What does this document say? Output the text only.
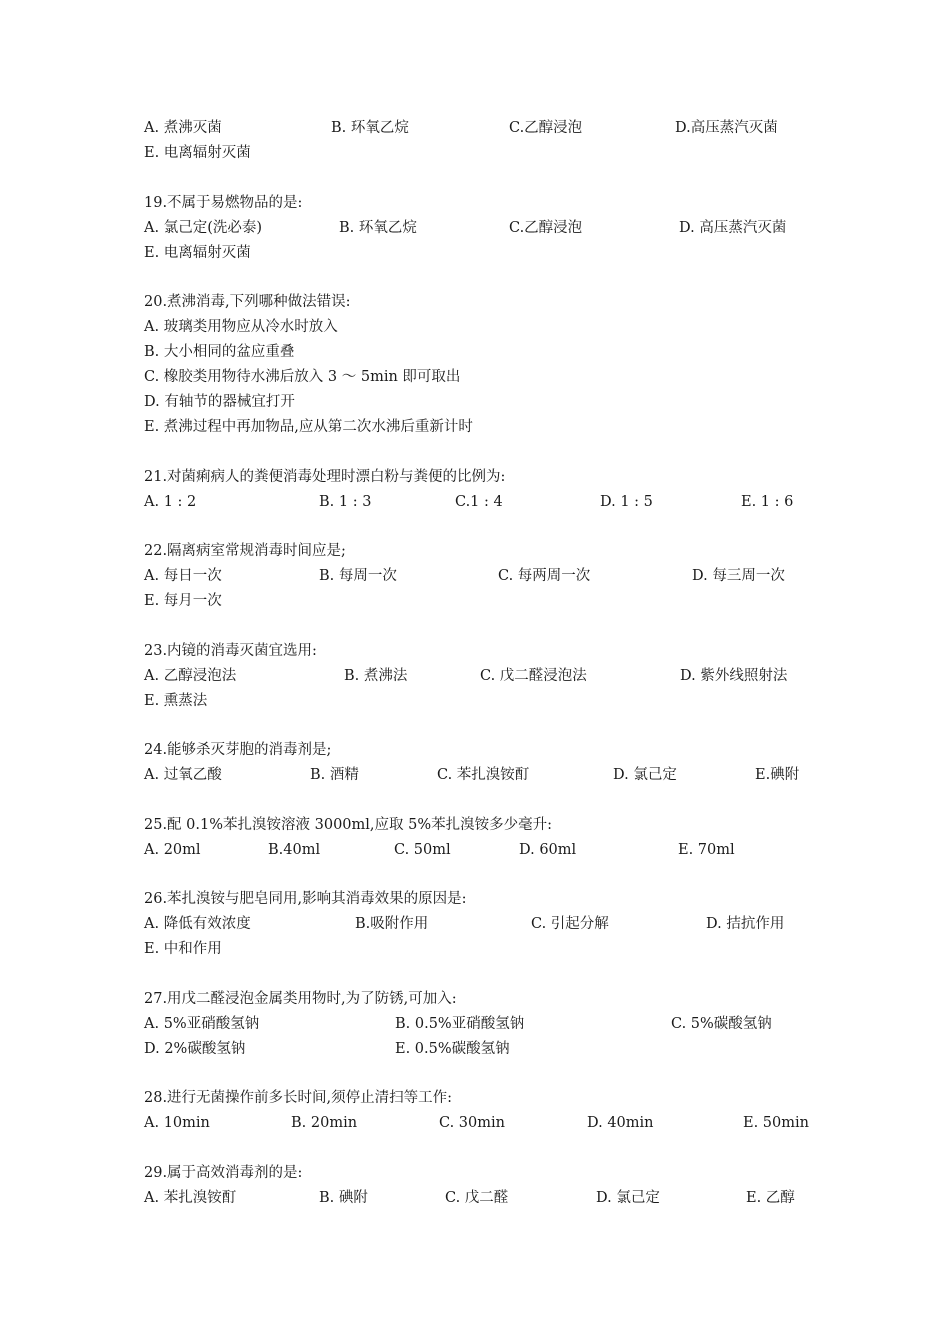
A. 煮沸灭菌	B. 环氧乙烷	C.乙醇浸泡	D.高压蒸汽灭菌
E. 电离辐射灭菌
19.不属于易燃物品的是:
A. 氯己定(洗必泰)	B. 环氧乙烷	C.乙醇浸泡	D. 高压蒸汽灭菌
E. 电离辐射灭菌
20.煮沸消毒,下列哪种做法错误:
A. 玻璃类用物应从冷水时放入
B. 大小相同的盆应重叠
C. 橡胶类用物待水沸后放入 3 ～ 5min 即可取出
D. 有轴节的器械宜打开
E. 煮沸过程中再加物品,应从第二次水沸后重新计时
21.对菌痢病人的粪便消毒处理时漂白粉与粪便的比例为:
A. 1 : 2	B. 1 : 3	C.1 : 4	D. 1 : 5	E. 1 : 6
22.隔离病室常规消毒时间应是;
A. 每日一次	B. 每周一次	C. 每两周一次	D. 每三周一次
E. 每月一次
23.内镜的消毒灭菌宜选用:
A. 乙醇浸泡法	B. 煮沸法	C. 戊二醛浸泡法	D. 紫外线照射法
E. 熏蒸法
24.能够杀灭芽胞的消毒剂是;
A. 过氧乙酸	B. 酒精	C. 苯扎溴铵酊	D. 氯己定	E.碘附
25.配 0.1%苯扎溴铵溶液 3000ml,应取 5%苯扎溴铵多少毫升:
A. 20ml	B.40ml	C. 50ml	D. 60ml	E. 70ml
26.苯扎溴铵与肥皂同用,影响其消毒效果的原因是:
A. 降低有效浓度	B.吸附作用	C. 引起分解	D. 拮抗作用
E. 中和作用
27.用戊二醛浸泡金属类用物时,为了防锈,可加入:
A. 5%亚硝酸氢钠	B. 0.5%亚硝酸氢钠	C. 5%碳酸氢钠
D. 2%碳酸氢钠	E. 0.5%碳酸氢钠
28.进行无菌操作前多长时间,须停止清扫等工作:
A. 10min	B. 20min	C. 30min	D. 40min	E. 50min
29.属于高效消毒剂的是:
A. 苯扎溴铵酊	B. 碘附	C. 戊二醛	D. 氯己定	E. 乙醇
